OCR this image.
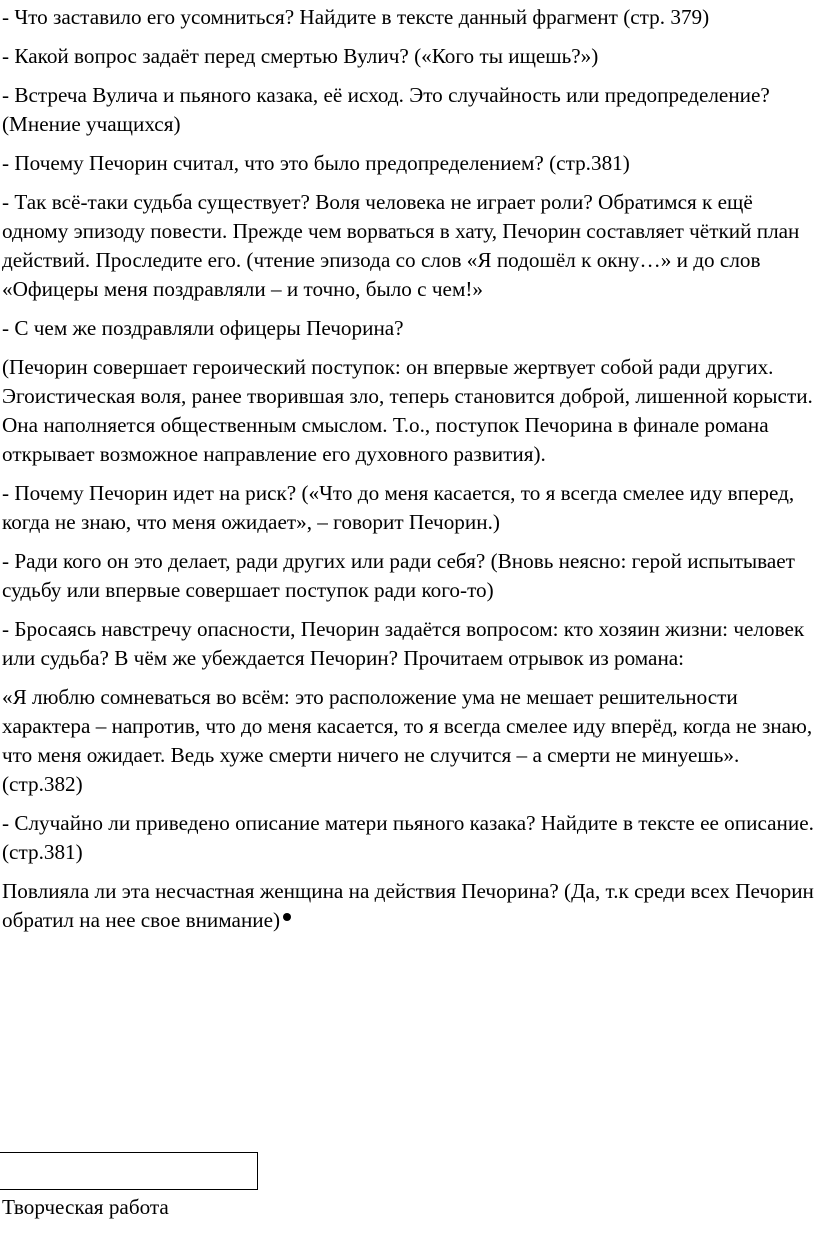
- Что заставило его усомниться? Найдите в тексте данный фрагмент (стр. 379)

- Какой вопрос задаёт перед смертью Вулич? («Кого ты ищешь?»)

- Встреча Вулича и пьяного казака, её исход. Это случайность или предопределение? (Мнение учащихся)

- Почему Печорин считал, что это было предопределением? (стр.381)

- Так всё-таки судьба существует? Воля человека не играет роли? Обратимся к ещё одному эпизоду повести. Прежде чем ворваться в хату, Печорин составляет чёткий план действий. Проследите его. (чтение эпизода со слов «Я подошёл к окну…» и до слов «Офицеры меня поздравляли – и точно, было с чем!»

- С чем же поздравляли офицеры Печорина?

(Печорин совершает героический поступок: он впервые жертвует собой ради других. Эгоистическая воля, ранее творившая зло, теперь становится доброй, лишенной корысти. Она наполняется общественным смыслом. Т.о., поступок Печорина в финале романа открывает возможное направление его духовного развития).

- Почему Печорин идет на риск? («Что до меня касается, то я всегда смелее иду вперед, когда не знаю, что меня ожидает», – говорит Печорин.)

- Ради кого он это делает, ради других или ради себя? (Вновь неясно: герой испытывает судьбу или впервые совершает поступок ради кого-то)

- Бросаясь навстречу опасности, Печорин задаётся вопросом: кто хозяин жизни: человек или судьба? В чём же убеждается Печорин? Прочитаем отрывок из романа:

«Я люблю сомневаться во всём: это расположение ума не мешает решительности характера – напротив, что до меня касается, то я всегда смелее иду вперёд, когда не знаю, что меня ожидает. Ведь хуже смерти ничего не случится – а смерти не минуешь». (стр.382)

- Случайно ли приведено описание матери пьяного казака? Найдите в тексте ее описание. (стр.381)

Повлияла ли эта несчастная женщина на действия Печорина? (Да, т.к среди всех Печорин обратил на нее свое внимание)

Творческая работа
